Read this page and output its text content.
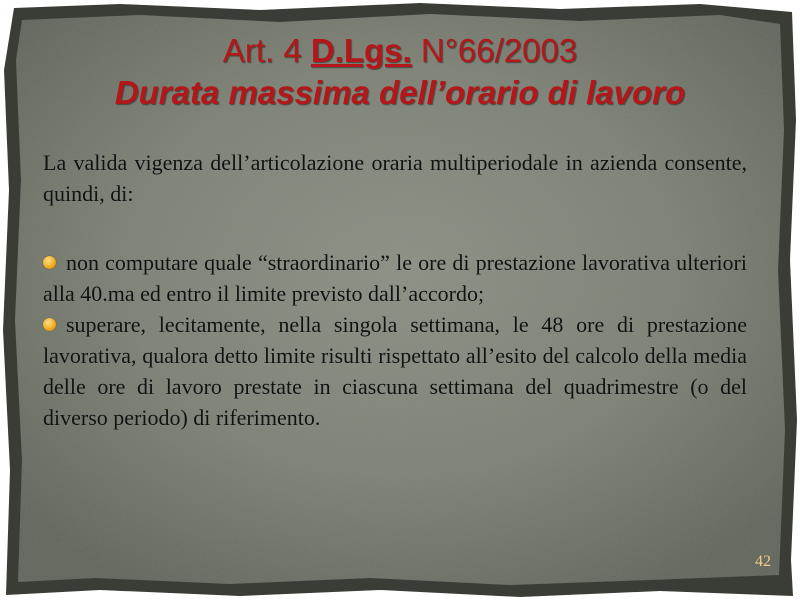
Art. 4 D.Lgs. N°66/2003
Durata massima dell’orario di lavoro

La valida vigenza dell’articolazione oraria multiperiodale in azienda consente, quindi, di:

non computare quale “straordinario” le ore di prestazione lavorativa ulteriori alla 40.ma ed entro il limite previsto dall’accordo;

superare, lecitamente, nella singola settimana, le 48 ore di prestazione lavorativa, qualora detto limite risulti rispettato all’esito del calcolo della media delle ore di lavoro prestate in ciascuna settimana del quadrimestre (o del diverso periodo) di riferimento.

42
